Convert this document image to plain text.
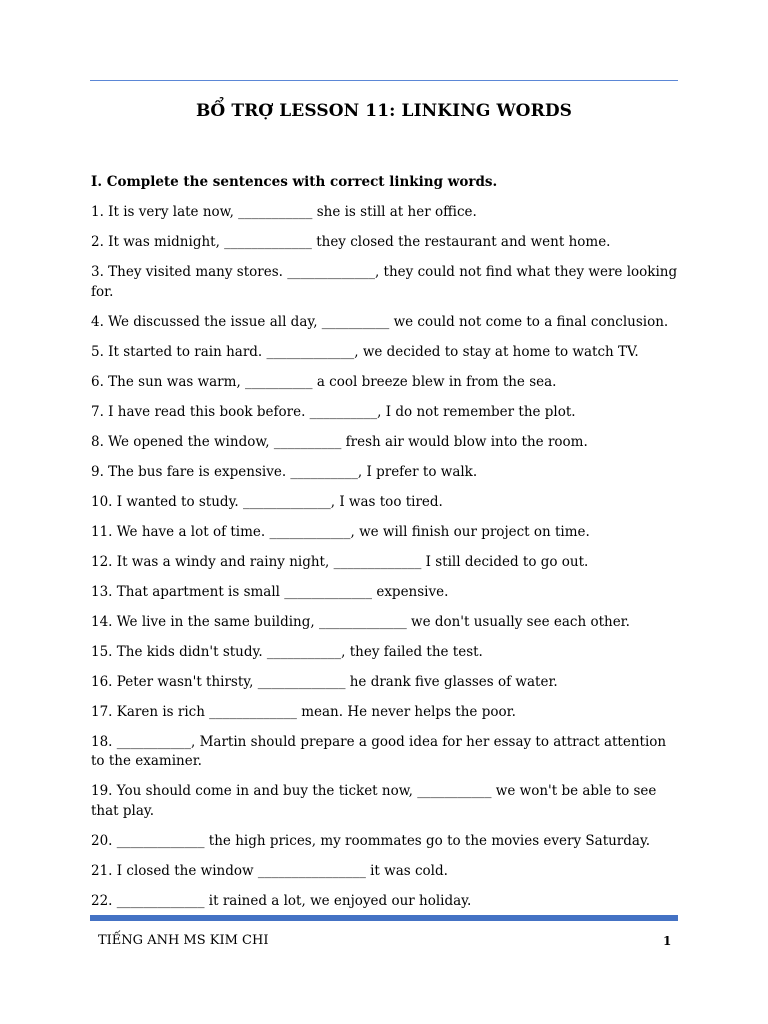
BỔ TRỢ LESSON 11: LINKING WORDS
I. Complete the sentences with correct linking words.
1. It is very late now, ___________ she is still at her office.
2. It was midnight, _____________ they closed the restaurant and went home.
3. They visited many stores. _____________, they could not find what they were looking for.
4. We discussed the issue all day, __________ we could not come to a final conclusion.
5. It started to rain hard. _____________, we decided to stay at home to watch TV.
6. The sun was warm, __________ a cool breeze blew in from the sea.
7. I have read this book before. __________, I do not remember the plot.
8. We opened the window, __________ fresh air would blow into the room.
9. The bus fare is expensive. __________, I prefer to walk.
10. I wanted to study. _____________, I was too tired.
11. We have a lot of time. ____________, we will finish our project on time.
12. It was a windy and rainy night, _____________ I still decided to go out.
13. That apartment is small _____________ expensive.
14. We live in the same building, _____________ we don't usually see each other.
15. The kids didn't study. ___________, they failed the test.
16. Peter wasn't thirsty, _____________ he drank five glasses of water.
17. Karen is rich _____________ mean. He never helps the poor.
18. ___________, Martin should prepare a good idea for her essay to attract attention to the examiner.
19. You should come in and buy the ticket now, ___________ we won't be able to see that play.
20. _____________ the high prices, my roommates go to the movies every Saturday.
21. I closed the window ________________ it was cold.
22. _____________ it rained a lot, we enjoyed our holiday.
TIẾNG ANH MS KIM CHI	1
